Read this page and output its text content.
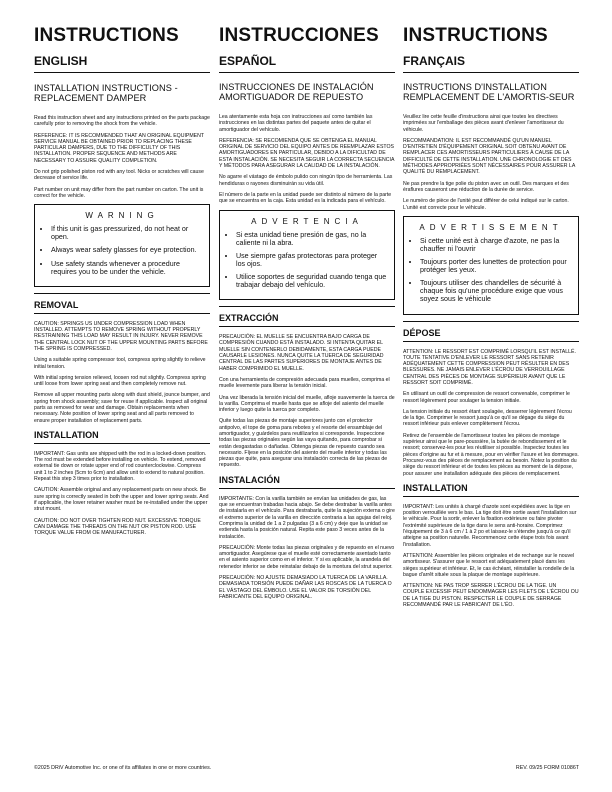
INSTRUCTIONS
ENGLISH
INSTALLATION INSTRUCTIONS - REPLACEMENT DAMPER

Read this instruction sheet and any instructions printed on the parts package carefully prior to removing the shock from the vehicle.

REFERENCE: IT IS RECOMMENDED THAT AN ORIGINAL EQUIPMENT SERVICE MANUAL BE OBTAINED PRIOR TO REPLACING THESE PARTICULAR DAMPERS, DUE TO THE DIFFICULTY OF THIS INSTALLATION. PROPER SEQUENCE AND METHODS ARE NECESSARY TO ASSURE QUALITY COMPLETION.

Do not grip polished piston rod with any tool. Nicks or scratches will cause decrease of service life.

Part number on unit may differ from the part number on carton. The unit is correct for the vehicle.

WARNING
• If this unit is gas pressurized, do not heat or open.
• Always wear safety glasses for eye protection.
• Use safety stands whenever a procedure requires you to be under the vehicle.
REMOVAL

CAUTION: SPRINGS US UNDER COMPRESSION LOAD WHEN INSTALLED. ATTEMPTS TO REMOVE SPRING WITHOUT PROPERLY RESTRAINING THIS LOAD MAY RESULT IN INJURY. NEVER REMOVE THE CENTRAL LOCK NUT OF THE UPPER MOUNTING PARTS BEFORE THE SPRING IS COMPRESSED.

Using a suitable spring compressor tool, compress spring slightly to relieve initial tension.

With initial spring tension relieved, loosen rod nut slightly. Compress spring until loose from lower spring seat and then completely remove nut.

Remove all upper mounting parts along with dust shield, jounce bumper, and spring from shock assembly; save for reuse if applicable. Inspect all original parts as removed for wear and damage. Obtain replacements when necessary. Note position of lower spring seat and all parts removed to ensure proper installation of replacement parts.

INSTALLATION

IMPORTANT: Gas units are shipped with the rod in a locked-down position. The rod must be extended before installing on vehicle. To extend, removed external tie down or rotate upper end of rod counterclockwise. Compress unit 1 to 2 inches (5cm to 6cm) and allow unit to extend to natural position. Repeat this step 3 times prior to installation.

CAUTION: Assemble original and any replacement parts on new shock. Be sure spring is correctly seated in both the upper and lower spring seats. And if applicable, the lower retainer washer must be re-installed under the upper strut mount.

CAUTION: DO NOT OVER TIGHTEN ROD NUT. EXCESSIVE TORQUE CAN DAMAGE THE THREADS ON THE NUT OR PISTON ROD. USE TORQUE VALUE FROM OE MANUFACTURER.

INSTRUCCIONES
ESPAÑOL
INSTRUCCIONES DE INSTALACIÓN AMORTIGUADOR DE REPUESTO

Lea atentamente esta hoja con instrucciones así como también las instrucciones en las distintas partes del paquete antes de quitar el amortiguador del vehículo.

REFERENCIA: SE RECOMIENDA QUE SE OBTENGA EL MANUAL ORIGINAL DE SERVICIO DEL EQUIPO ANTES DE REEMPLAZAR ESTOS AMORTIGUADORES EN PARTICULAR, DEBIDO A LA DIFICULTAD DE ESTA INSTALACIÓN. SE NECESITA SEGUIR LA CORRECTA SECUENCIA Y MÉTODOS PARA ASEGURAR LA CALIDAD DE LA INSTALACIÓN.

No agarre el vástago de émbolo pulido con ningún tipo de herramienta. Las hendiduras o rayones disminuirán su vida útil.

El número de la parte en la unidad puede ser distinto al número de la parte que se encuentra en la caja. Esta unidad es la indicada para el vehículo.

ADVERTENCIA
• Si esta unidad tiene presión de gas, no la caliente ni la abra.
• Use siempre gafas protectoras para proteger los ojos.
• Utilice soportes de seguridad cuando tenga que trabajar debajo del vehículo.
EXTRACCIÓN

PRECAUCIÓN: EL MUELLE SE ENCUENTRA BAJO CARGA DE COMPRESIÓN CUANDO ESTÁ INSTALADO. SI INTENTA QUITAR EL MUELLE SIN CONTENERLO DEBIDAMENTE, ESTA CARGA PUEDE CAUSARLE LESIONES. NUNCA QUITE LA TUERCA DE SEGURIDAD CENTRAL DE LAS PARTES SUPERIORES DE MONTAJE ANTES DE HABER COMPRIMIDO EL MUELLE.

Con una herramienta de compresión adecuada para muelles, comprima el muelle levemente para liberar la tensión inicial.

Una vez liberada la tensión inicial del muelle, afloje suavemente la tuerca de la varilla. Comprima el muelle hasta que se afloje del asiento del muelle inferior y luego quite la tuerca por completo.

Quite todas las piezas de montaje superiores junto con el protector antipolvo, el tope de goma para rebotes y el resorte del ensamblaje del amortiguador, y guárdelos para reutilizarlos si corresponde. Inspeccione todas las piezas originales según las vaya quitando, para comprobar si están desgastadas o dañadas. Obtenga piezas de repuesto cuando sea necesario. Fíjese en la posición del asiento del muelle inferior y todas las piezas que quite, para asegurar una instalación correcta de las piezas de repuesto.

INSTALACIÓN

IMPORTANTE: Con la varilla también se envían las unidades de gas, las que se encuentran trabadas hacia abajo. Se debe destrabar la varilla antes de instalarla en el vehículo. Para destrabarla, quite la sujeción externa o gire el extremo superior de la varilla en dirección contraria a las agujas del reloj. Comprima la unidad de 1 a 2 pulgadas (3 a 6 cm) y deje que la unidad se extienda hasta la posición natural. Repita este paso 3 veces antes de la instalación.

PRECAUCIÓN: Monte todas las piezas originales y de repuesto en el nuevo amortiguador. Asegúrese que el muelle esté correctamente asentado tanto en el asiento superior como en el inferior. Y si es aplicable, la arandela del retenedor inferior se debe reinstalar debajo de la montura del strut superior.

PRECAUCIÓN: NO AJUSTE DEMASIADO LA TUERCA DE LA VARILLA. DEMASIADA TORSIÓN PUEDE DAÑAR LAS ROSCAS DE LA TUERCA O EL VÁSTAGO DEL ÉMBOLO. USE EL VALOR DE TORSIÓN DEL FABRICANTE DEL EQUIPO ORIGINAL.

INSTRUCTIONS
FRANÇAIS
INSTRUCTIONS D'INSTALLATION REMPLACEMENT DE L'AMORTIS-SEUR

Veuillez lire cette feuille d'instructions ainsi que toutes les directives imprimées sur l'emballage des pièces avant d'enlever l'amortisseur du véhicule.

RECOMMANDATION: IL EST RECOMMANDÉ QU'UN MANUEL D'ENTRETIEN D'ÉQUIPEMENT ORIGINAL SOIT OBTENU AVANT DE REMPLACER CES AMORTISSEURS PARTICULIERS À CAUSE DE LA DIFFICULTÉ DE CETTE INSTALLATION. UNE CHRONOLOGIE ET DES MÉTHODES APPROPRIÉES SONT NÉCESSAIRES POUR ASSURER LA QUALITÉ DU REMPLACEMENT.

Ne pas prendre la tige polie du piston avec un outil. Des marques et des éraflures causeront une réduction de la durée de service.

Le numéro de pièce de l'unité peut différer de celui indiqué sur le carton. L'unité est correcte pour le véhicule.

ADVERTISSEMENT
• Si cette unité est à charge d'azote, ne pas la chauffer ni l'ouvrir
• Toujours porter des lunettes de protection pour protéger les yeux.
• Toujours utiliser des chandelles de sécurité à chaque fois qu'une procédure exige que vous soyez sous le véhicule
DÉPOSE

ATTENTION: LE RESSORT EST COMPRIMÉ LORSQU'IL EST INSTALLÉ. TOUTE TENTATIVE D'ENLEVER LE RESSORT SANS RETENIR ADÉQUATEMENT CETTE COMPRESSION PEUT RÉSULTER EN DES BLESSURES. NE JAMAIS ENLEVER L'ÉCROU DE VERROUILLAGE CENTRAL DES PIÈCES DE MONTAGE SUPÉRIEUR AVANT QUE LE RESSORT SOIT COMPRIMÉ.

En utilisant un outil de compression de ressort convenable, comprimer le ressort légèrement pour soulager la tension initiale.

La tension initiale du ressort étant soulagée, desserrer légèrement l'écrou de la tige. Comprimer le ressort jusqu'à ce qu'il se dégage du siège du ressort inférieur puis enlever complètement l'écrou.

Retirez de l'ensemble de l'amortisseur toutes les pièces de montage supérieur ainsi que le pare-poussière, la butée de rebondissement et le ressort; conservez-les pour les réutiliser si possible. Inspectez toutes les pièces d'origine au fur et à mesure, pour en vérifier l'usure et les dommages. Procurez-vous des pièces de remplacement au besoin. Notez la position du siège du ressort inférieur et de toutes les pièces au moment de la dépose, pour assurer une installation adéquate des pièces de remplacement.

INSTALLATION

IMPORTANT: Les unités à chargé d'azote sont expédiées avec la tige en position verrouillée vers le bas. La tige doit être sortie avant l'installation sur le véhicule. Pour la sortir, enlever la fixation extérieure ou faire pivoter l'extrémité supérieure de la tige dans le sens anti-horaire. Comprimez l'équipement de 3 à 6 cm / 1 à 2 po et laissez-le s'étendre jusqu'à ce qu'il atteigne sa position naturelle. Recommencez cette étape trois fois avant l'installation.

ATTENTION: Assembler les pièces originales et de rechange sur le nouvel amortisseur. S'assurer que le ressort est adéquatement placé dans les sièges supérieur et inférieur. Et, le cas échéant, réinstaller la rondelle de la bague d'arrêt située sous la plaque de montage supérieure.

ATTENTION: NE PAS TROP SERRER L'ÉCROU DE LA TIGE. UN COUPLE EXCESSIF PEUT ENDOMMAGER LES FILETS DE L'ÉCROU OU DE LA TIGE DU PISTON. RESPECTER LE COUPLE DE SERRAGE RECOMMANDÉ PAR LE FABRICANT DE L'ÉO.

©2025 DRiV Automotive Inc. or one of its affiliates in one or more countries.	REV. 09/25 FORM 01086T
